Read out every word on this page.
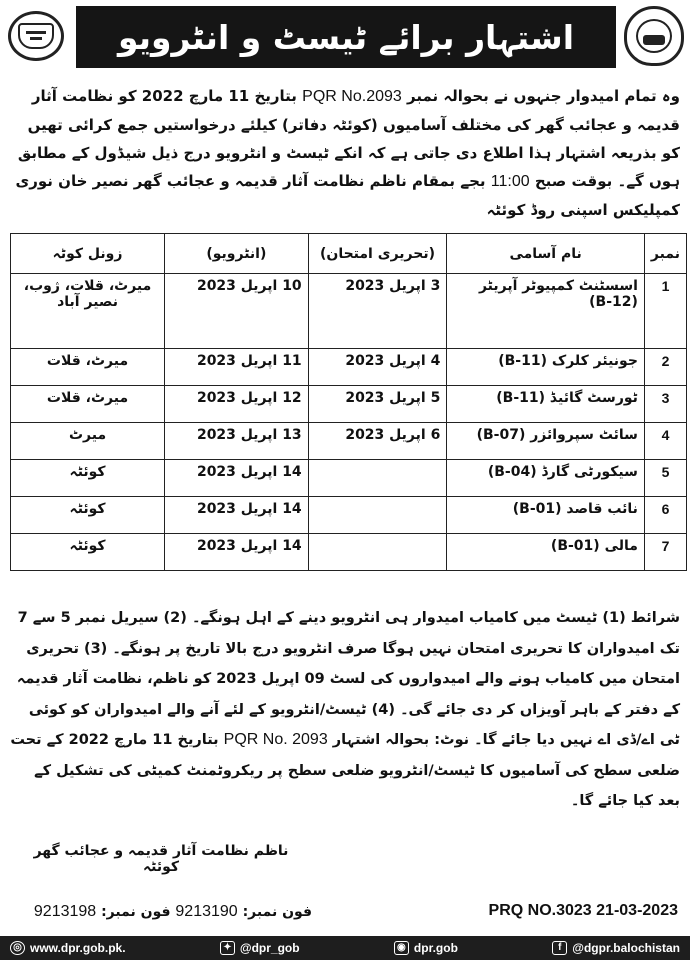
اشتہار برائے ٹیسٹ و انٹرویو
وہ تمام امیدوار جنہوں نے بحوالہ نمبر PQR No.2093 بتاریخ 11 مارچ 2022 کو نظامت آثار قدیمہ و عجائب گھر کی مختلف آسامیوں (کوئٹہ دفاتر) کیلئے درخواستیں جمع کرائی تھیں کو بذریعہ اشتہار ہذا اطلاع دی جاتی ہے کہ انکے ٹیسٹ و انٹرویو درج ذیل شیڈول کے مطابق ہوں گے۔ بوقت صبح 11:00 بجے بمقام ناظم نظامت آثار قدیمہ و عجائب گھر نصیر خان نوری کمپلیکس اسپنی روڈ کوئٹہ
نمبر	نام آسامی	(تحریری امتحان)	(انٹرویو)	زونل کوٹہ
1	اسسٹنٹ کمپیوٹر آپریٹر (B-12)	3 اپریل 2023	10 اپریل 2023	میرٹ، قلات، ژوب، نصیر آباد
2	جونیئر کلرک (B-11)	4 اپریل 2023	11 اپریل 2023	میرٹ، قلات
3	ٹورسٹ گائیڈ (B-11)	5 اپریل 2023	12 اپریل 2023	میرٹ، قلات
4	سائٹ سپروائزر (B-07)	6 اپریل 2023	13 اپریل 2023	میرٹ
5	سیکورٹی گارڈ (B-04)		14 اپریل 2023	کوئٹہ
6	نائب قاصد (B-01)		14 اپریل 2023	کوئٹہ
7	مالی (B-01)		14 اپریل 2023	کوئٹہ
شرائط (1) ٹیسٹ میں کامیاب امیدوار ہی انٹرویو دینے کے اہل ہونگے۔ (2) سیریل نمبر 5 سے 7 تک امیدواران کا تحریری امتحان نہیں ہوگا صرف انٹرویو درج بالا تاریخ پر ہونگے۔ (3) تحریری امتحان میں کامیاب ہونے والے امیدواروں کی لسٹ 09 اپریل 2023 کو ناظم، نظامت آثار قدیمہ کے دفتر کے باہر آویزاں کر دی جائے گی۔ (4) ٹیسٹ/انٹرویو کے لئے آنے والے امیدواران کو کوئی ٹی اے/ڈی اے نہیں دیا جائے گا۔ نوٹ: بحوالہ اشتہار PQR No. 2093 بتاریخ 11 مارچ 2022 کے تحت ضلعی سطح کی آسامیوں کا ٹیسٹ/انٹرویو ضلعی سطح پر ریکروٹمنٹ کمیٹی کی تشکیل کے بعد کیا جائے گا۔
ناظم نظامت آثار قدیمہ و عجائب گھر کوئٹہ
فون نمبر: 9213190 فون نمبر: 9213198	PRQ NO.3023 21-03-2023
◎ www.dpr.gob.pk.	✦ @dpr_gob	◉ dpr.gob	f @dgpr.balochistan
